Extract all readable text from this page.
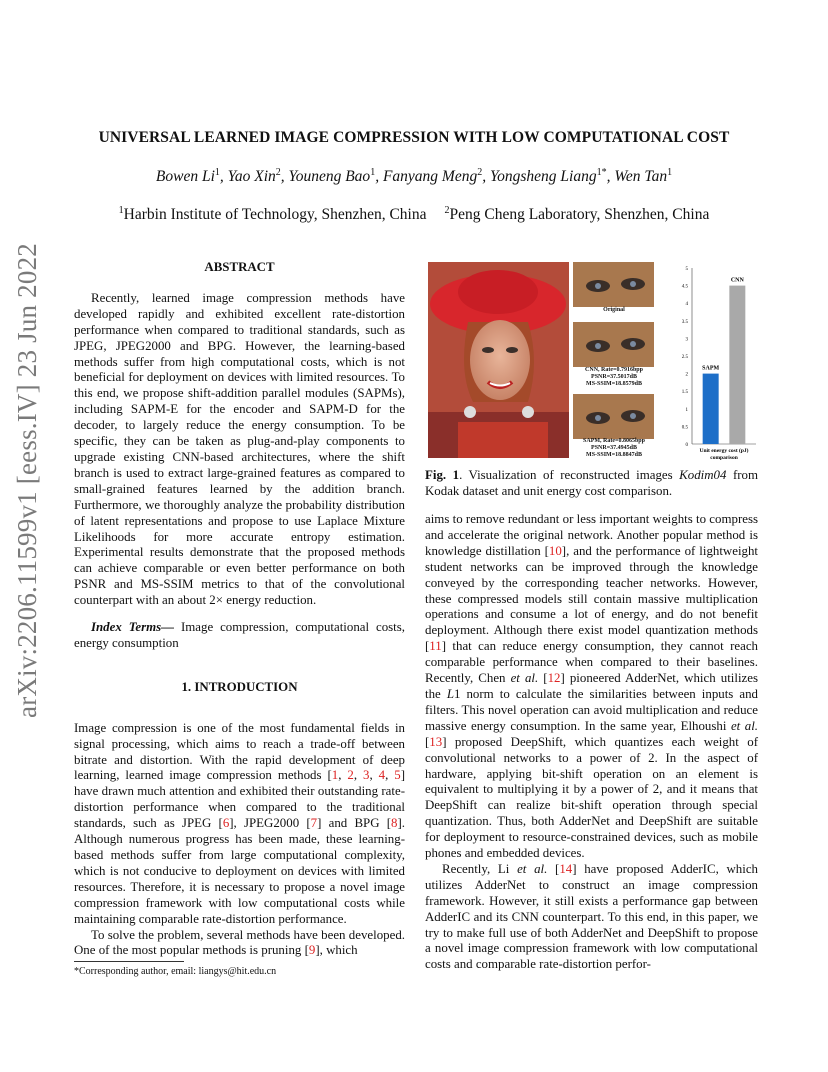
arXiv:2206.11599v1 [eess.IV] 23 Jun 2022
UNIVERSAL LEARNED IMAGE COMPRESSION WITH LOW COMPUTATIONAL COST
Bowen Li$^1$, Yao Xin$^2$, Youneng Bao$^1$, Fanyang Meng$^2$, Yongsheng Liang$^{1*}$, Wen Tan$^1$
$^1$Harbin Institute of Technology, Shenzhen, China $^2$Peng Cheng Laboratory, Shenzhen, China

ABSTRACT

Recently, learned image compression methods have developed rapidly and exhibited excellent rate-distortion performance when compared to traditional standards, such as JPEG, JPEG2000 and BPG. However, the learning-based methods suffer from high computational costs, which is not beneficial for deployment on devices with limited resources. To this end, we propose shift-addition parallel modules (SAPMs), including SAPM-E for the encoder and SAPM-D for the decoder, to largely reduce the energy consumption. To be specific, they can be taken as plug-and-play components to upgrade existing CNN-based architectures, where the shift branch is used to extract large-grained features as compared to small-grained features learned by the addition branch. Furthermore, we thoroughly analyze the probability distribution of latent representations and propose to use Laplace Mixture Likelihoods for more accurate entropy estimation. Experimental results demonstrate that the proposed methods can achieve comparable or even better performance on both PSNR and MS-SSIM metrics to that of the convolutional counterpart with an about 2× energy reduction.

Index Terms— Image compression, computational costs, energy consumption

1. INTRODUCTION

Image compression is one of the most fundamental fields in signal processing, which aims to reach a trade-off between bitrate and distortion. With the rapid development of deep learning, learned image compression methods [1, 2, 3, 4, 5] have drawn much attention and exhibited their outstanding rate-distortion performance when compared to the traditional standards, such as JPEG [6], JPEG2000 [7] and BPG [8]. Although numerous progress has been made, these learning-based methods suffer from large computational complexity, which is not conducive to deployment on devices with limited resources. Therefore, it is necessary to propose a novel image compression framework with low computational costs while maintaining comparable rate-distortion performance.

To solve the problem, several methods have been developed. One of the most popular methods is pruning [9], which

*Corresponding author, email: liangys@hit.edu.cn
Original
CNN, Rate=0.7916bpp
PSNR=37.5017dB
MS-SSIM=18.8579dB
SAPM, Rate=0.8065bpp
PSNR=37.4945dB
MS-SSIM=18.8847dB
0
0.5
1
1.5
2
2.5
3
3.5
4
4.5
5
SAPM
CNN
Unit energy cost (pJ)
comparison
Fig. 1. Visualization of reconstructed images Kodim04 from Kodak dataset and unit energy cost comparison.

aims to remove redundant or less important weights to compress and accelerate the original network. Another popular method is knowledge distillation [10], and the performance of lightweight student networks can be improved through the knowledge conveyed by the corresponding teacher networks. However, these compressed models still contain massive multiplication operations and consume a lot of energy, and do not benefit deployment. Although there exist model quantization methods [11] that can reduce energy consumption, they cannot reach comparable performance when compared to their baselines. Recently, Chen et al. [12] pioneered AdderNet, which utilizes the L1 norm to calculate the similarities between inputs and filters. This novel operation can avoid multiplication and reduce massive energy consumption. In the same year, Elhoushi et al. [13] proposed DeepShift, which quantizes each weight of convolutional networks to a power of 2. In the aspect of hardware, applying bit-shift operation on an element is equivalent to multiplying it by a power of 2, and it means that DeepShift can realize bit-shift operation through special quantization. Thus, both AdderNet and DeepShift are suitable for deployment to resource-constrained devices, such as mobile phones and embedded devices.

Recently, Li et al. [14] have proposed AdderIC, which utilizes AdderNet to construct an image compression framework. However, it still exists a performance gap between AdderIC and its CNN counterpart. To this end, in this paper, we try to make full use of both AdderNet and DeepShift to propose a novel image compression framework with low computational costs and comparable rate-distortion perfor-
